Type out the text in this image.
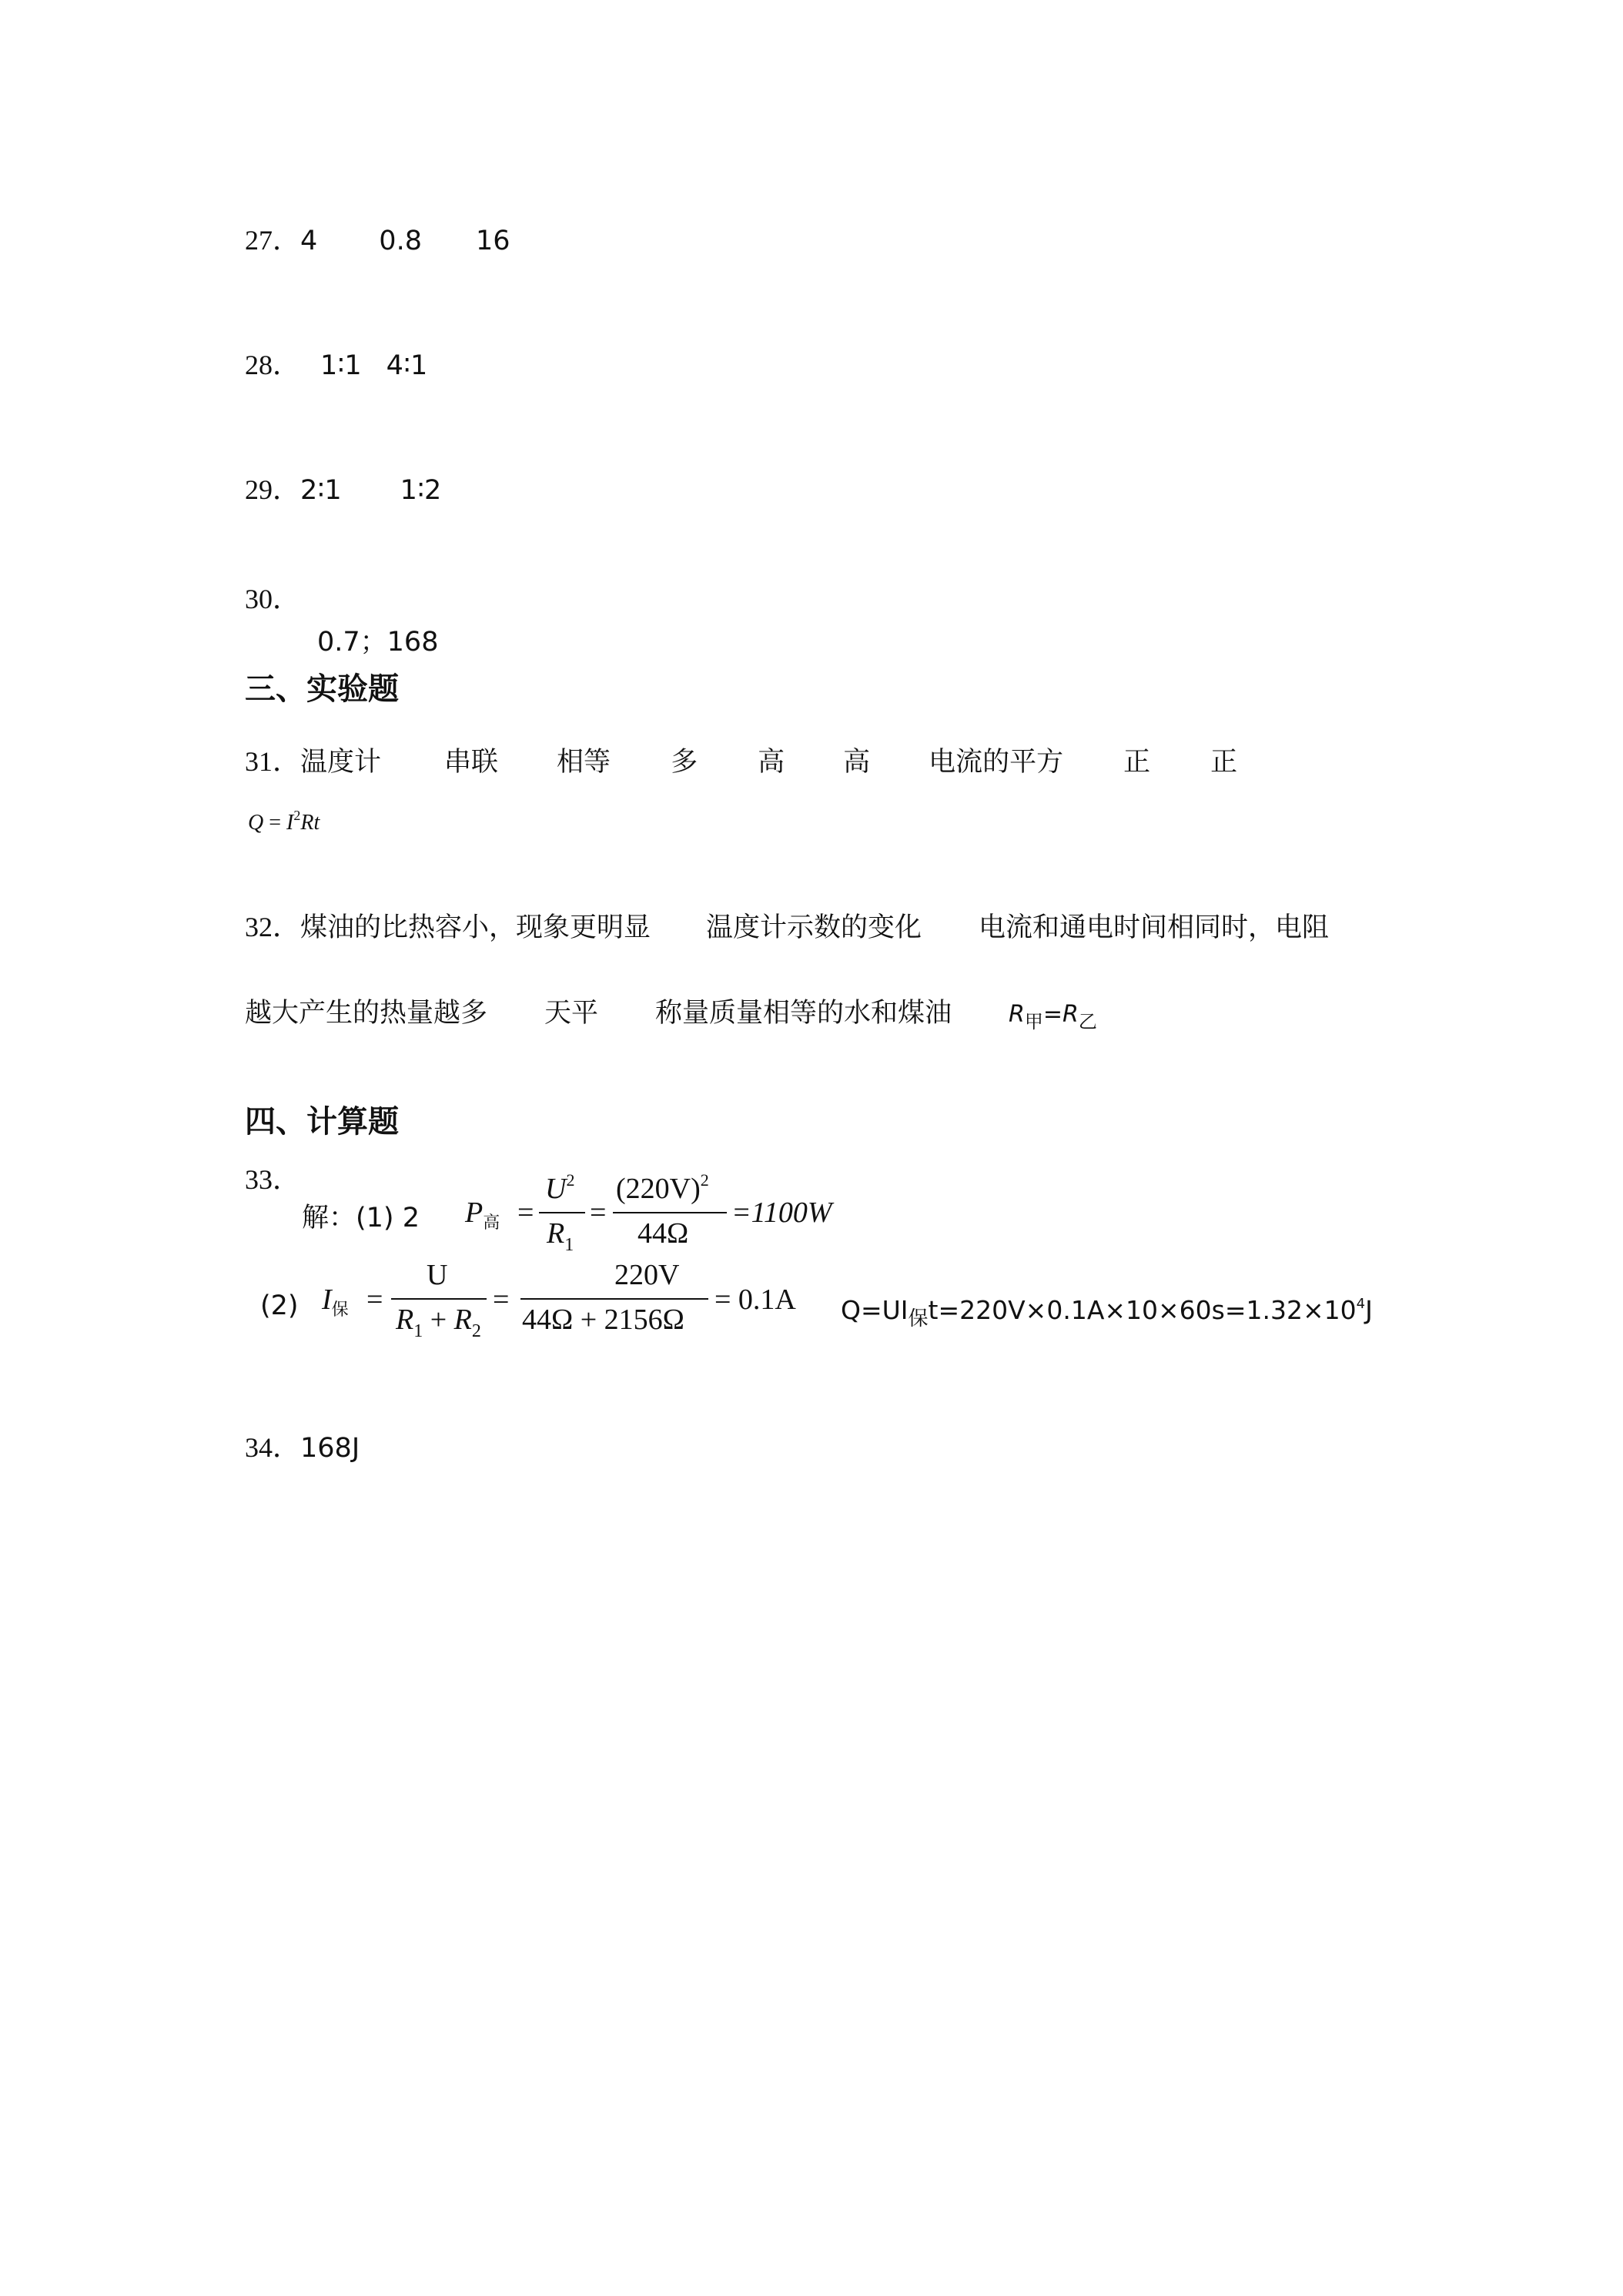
27．4 0.8 16
28． 1∶1 4∶1
29．2∶1 1∶2
30．
0.7；168
三、实验题
31．温度计 串联 相等 多 高 高 电流的平方 正 正
$Q = I^2Rt$
32．煤油的比热容小，现象更明显 温度计示数的变化 电流和通电时间相同时，电阻
越大产生的热量越多 天平 称量质量相等的水和煤油 $R_甲=R_乙$
四、计算题
33．
解：(1) 2 $P_高$ =
$U^2$
$R_1$
=
$(220V)^2$
44Ω
=1100W
(2) $I_保$ =
U
$R_1 + R_2$
=
220V
44Ω + 2156Ω
= 0.1A $Q=UI_保t=220V\times 0.1A\times 10\times 60s=1.32\times 10^4J$
34．168J
